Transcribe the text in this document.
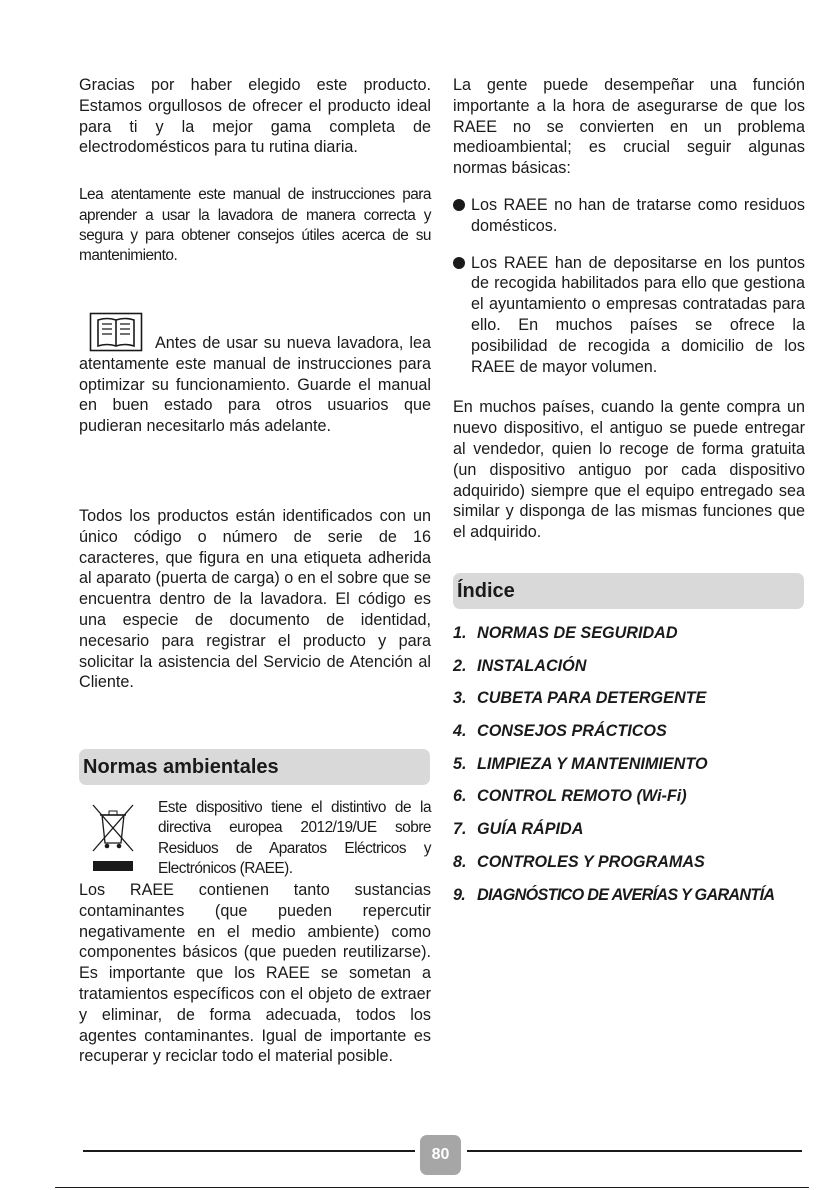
Gracias por haber elegido este producto. Estamos orgullosos de ofrecer el producto ideal para ti y la mejor gama completa de electrodomésticos para tu rutina diaria.

Lea atentamente este manual de instrucciones para aprender a usar la lavadora de manera correcta y segura y para obtener consejos útiles acerca de su mantenimiento.

Antes de usar su nueva lavadora, lea atentamente este manual de instrucciones para optimizar su funcionamiento. Guarde el manual en buen estado para otros usuarios que pudieran necesitarlo más adelante.

Todos los productos están identificados con un único código o número de serie de 16 caracteres, que figura en una etiqueta adherida al aparato (puerta de carga) o en el sobre que se encuentra dentro de la lavadora. El código es una especie de documento de identidad, necesario para registrar el producto y para solicitar la asistencia del Servicio de Atención al Cliente.

Normas ambientales

Este dispositivo tiene el distintivo de la directiva europea 2012/19/UE sobre Residuos de Aparatos Eléctricos y Electrónicos (RAEE).

Los RAEE contienen tanto sustancias contaminantes (que pueden repercutir negativamente en el medio ambiente) como componentes básicos (que pueden reutilizarse). Es importante que los RAEE se sometan a tratamientos específicos con el objeto de extraer y eliminar, de forma adecuada, todos los agentes contaminantes. Igual de importante es recuperar y reciclar todo el material posible.

La gente puede desempeñar una función importante a la hora de asegurarse de que los RAEE no se convierten en un problema medioambiental; es crucial seguir algunas normas básicas:

Los RAEE no han de tratarse como residuos domésticos.

Los RAEE han de depositarse en los puntos de recogida habilitados para ello que gestiona el ayuntamiento o empresas contratadas para ello. En muchos países se ofrece la posibilidad de recogida a domicilio de los RAEE de mayor volumen.

En muchos países, cuando la gente compra un nuevo dispositivo, el antiguo se puede entregar al vendedor, quien lo recoge de forma gratuita (un dispositivo antiguo por cada dispositivo adquirido) siempre que el equipo entregado sea similar y disponga de las mismas funciones que el adquirido.

Índice
1. NORMAS DE SEGURIDAD
2. INSTALACIÓN
3. CUBETA PARA DETERGENTE
4. CONSEJOS PRÁCTICOS
5. LIMPIEZA Y MANTENIMIENTO
6. CONTROL REMOTO (Wi-Fi)
7. GUÍA RÁPIDA
8. CONTROLES Y PROGRAMAS
9. DIAGNÓSTICO DE AVERÍAS Y GARANTÍA
80
